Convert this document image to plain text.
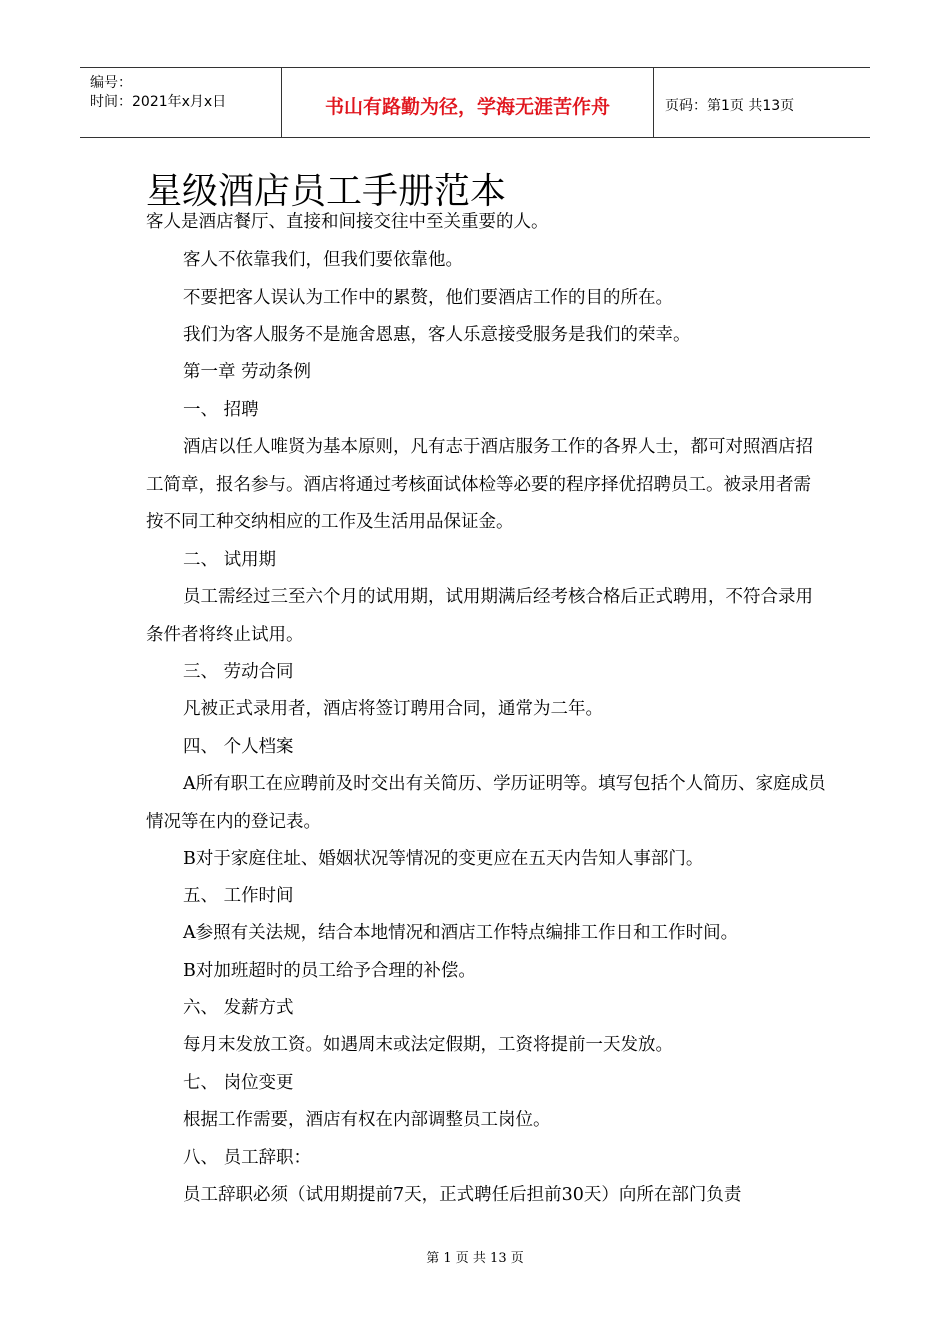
编号：
时间：2021年x月x日	书山有路勤为径，学海无涯苦作舟	页码：第1页 共13页
星级酒店员工手册范本

客人是酒店餐厅、直接和间接交往中至关重要的人。

客人不依靠我们，但我们要依靠他。

不要把客人误认为工作中的累赘，他们要酒店工作的目的所在。

我们为客人服务不是施舍恩惠，客人乐意接受服务是我们的荣幸。

第一章 劳动条例

一、 招聘

酒店以任人唯贤为基本原则，凡有志于酒店服务工作的各界人士，都可对照酒店招工简章，报名参与。酒店将通过考核面试体检等必要的程序择优招聘员工。被录用者需按不同工种交纳相应的工作及生活用品保证金。

二、 试用期

员工需经过三至六个月的试用期，试用期满后经考核合格后正式聘用，不符合录用条件者将终止试用。

三、 劳动合同

凡被正式录用者，酒店将签订聘用合同，通常为二年。

四、 个人档案

A所有职工在应聘前及时交出有关简历、学历证明等。填写包括个人简历、家庭成员情况等在内的登记表。

B对于家庭住址、婚姻状况等情况的变更应在五天内告知人事部门。

五、 工作时间

A参照有关法规，结合本地情况和酒店工作特点编排工作日和工作时间。

B对加班超时的员工给予合理的补偿。

六、 发薪方式

每月末发放工资。如遇周末或法定假期，工资将提前一天发放。

七、 岗位变更

根据工作需要，酒店有权在内部调整员工岗位。

八、 员工辞职：

员工辞职必须（试用期提前7天，正式聘任后担前30天）向所在部门负责

第 1 页 共 13 页
